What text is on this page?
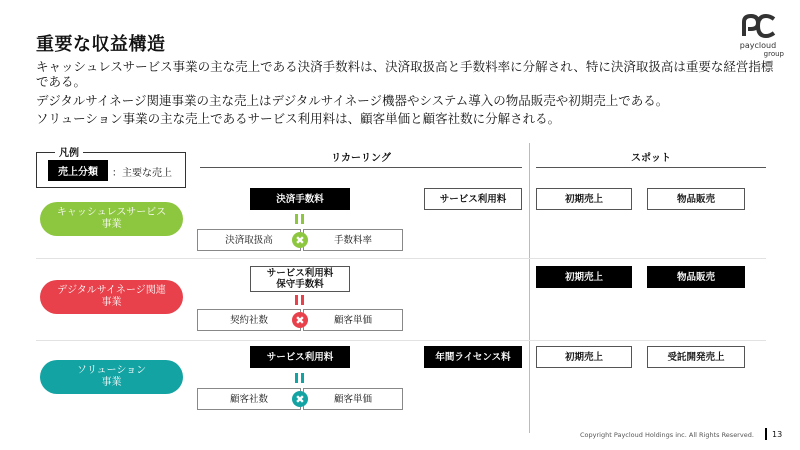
重要な収益構造
キャッシュレスサービス事業の主な売上である決済手数料は、決済取扱高と手数料率に分解され、特に決済取扱高は重要な経営指標である。
デジタルサイネージ関連事業の主な売上はデジタルサイネージ機器やシステム導入の物品販売や初期売上である。
ソリューション事業の主な売上であるサービス利用料は、顧客単価と顧客社数に分解される。
paycloud
group
凡例
売上分類	：主要な売上
リカーリング	スポット
キャッシュレスサービス
事業
決済手数料	サービス利用料	初期売上	物品販売
決済取扱高	手数料率
✖
デジタルサイネージ関連
事業
サービス利用料
保守手数料
初期売上	物品販売
契約社数	顧客単価
✖
ソリューション
事業
サービス利用料	年間ライセンス料	初期売上	受託開発売上
顧客社数	顧客単価
✖
Copyright Paycloud Holdings inc. All Rights Reserved. 13
